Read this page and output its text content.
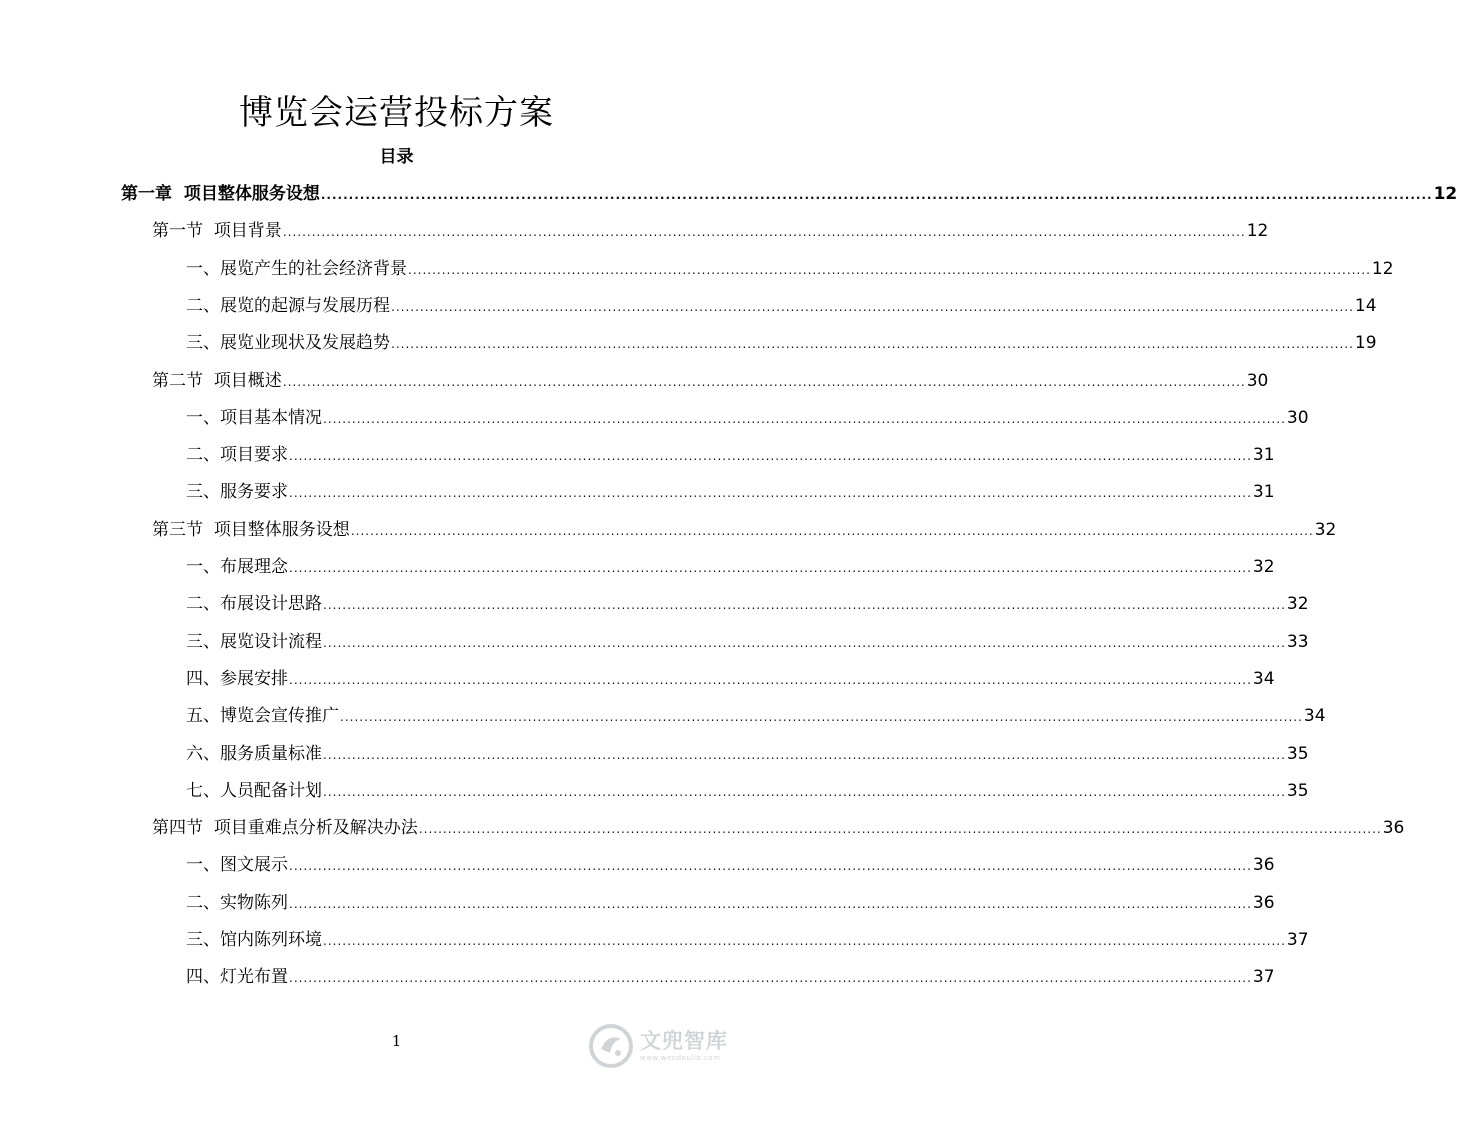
博览会运营投标方案
目录
第一章 项目整体服务设想 ........................................................................................................................................................................................................ 12
第一节 项目背景 ........................................................................................................................................................................................................ 12
一、 展览产生的社会经济背景 ........................................................................................................................................................................................................ 12
二、 展览的起源与发展历程 ........................................................................................................................................................................................................ 14
三、 展览业现状及发展趋势 ........................................................................................................................................................................................................ 19
第二节 项目概述 ........................................................................................................................................................................................................ 30
一、 项目基本情况 ........................................................................................................................................................................................................ 30
二、 项目要求 ........................................................................................................................................................................................................ 31
三、 服务要求 ........................................................................................................................................................................................................ 31
第三节 项目整体服务设想 ........................................................................................................................................................................................................ 32
一、 布展理念 ........................................................................................................................................................................................................ 32
二、 布展设计思路 ........................................................................................................................................................................................................ 32
三、 展览设计流程 ........................................................................................................................................................................................................ 33
四、 参展安排 ........................................................................................................................................................................................................ 34
五、 博览会宣传推广 ........................................................................................................................................................................................................ 34
六、 服务质量标准 ........................................................................................................................................................................................................ 35
七、 人员配备计划 ........................................................................................................................................................................................................ 35
第四节 项目重难点分析及解决办法 ........................................................................................................................................................................................................ 36
一、 图文展示 ........................................................................................................................................................................................................ 36
二、 实物陈列 ........................................................................................................................................................................................................ 36
三、 馆内陈列环境 ........................................................................................................................................................................................................ 37
四、 灯光布置 ........................................................................................................................................................................................................ 37
1	文兜智库
www.wendoulib.com
